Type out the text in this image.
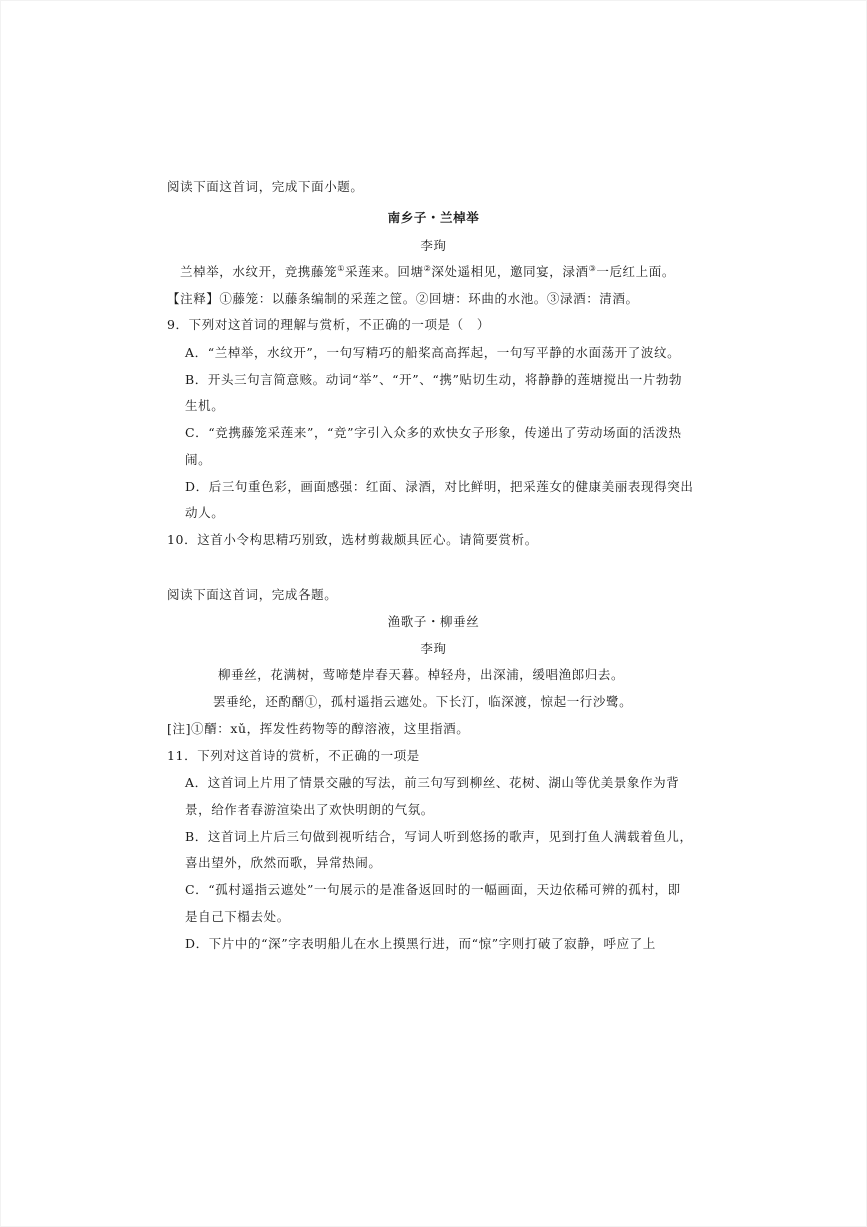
阅读下面这首词，完成下面小题。
南乡子・兰棹举
李珣
兰棹举，水纹开，竞携藤笼①采莲来。回塘②深处遥相见，邀同宴，渌酒③一卮红上面。
【注释】①藤笼：以藤条编制的采莲之筐。②回塘：环曲的水池。③渌酒：清酒。
9．下列对这首词的理解与赏析，不正确的一项是（　）
A．“兰棹举，水纹开”，一句写精巧的船桨高高挥起，一句写平静的水面荡开了波纹。
B．开头三句言简意赅。动词“举”、“开”、“携”贴切生动，将静静的莲塘搅出一片勃勃
生机。
C．“竞携藤笼采莲来”，“竞”字引入众多的欢快女子形象，传递出了劳动场面的活泼热
闹。
D．后三句重色彩，画面感强：红面、渌酒，对比鲜明，把采莲女的健康美丽表现得突出
动人。
10．这首小令构思精巧别致，选材剪裁颇具匠心。请简要赏析。
阅读下面这首词，完成各题。
渔歌子・柳垂丝
李珣
柳垂丝，花满树，莺啼楚岸春天暮。棹轻舟，出深浦，缓唱渔郎归去。
罢垂纶，还酌醑①，孤村遥指云遮处。下长汀，临深渡，惊起一行沙鹭。
[注]①醑：xǔ，挥发性药物等的醇溶液，这里指酒。
11．下列对这首诗的赏析，不正确的一项是
A．这首词上片用了情景交融的写法，前三句写到柳丝、花树、湖山等优美景象作为背
景，给作者春游渲染出了欢快明朗的气氛。
B．这首词上片后三句做到视听结合，写词人听到悠扬的歌声，见到打鱼人满载着鱼儿，
喜出望外，欣然而歌，异常热闹。
C．“孤村遥指云遮处”一句展示的是准备返回时的一幅画面，天边依稀可辨的孤村，即
是自己下榻去处。
D．下片中的“深”字表明船儿在水上摸黑行进，而“惊”字则打破了寂静，呼应了上
